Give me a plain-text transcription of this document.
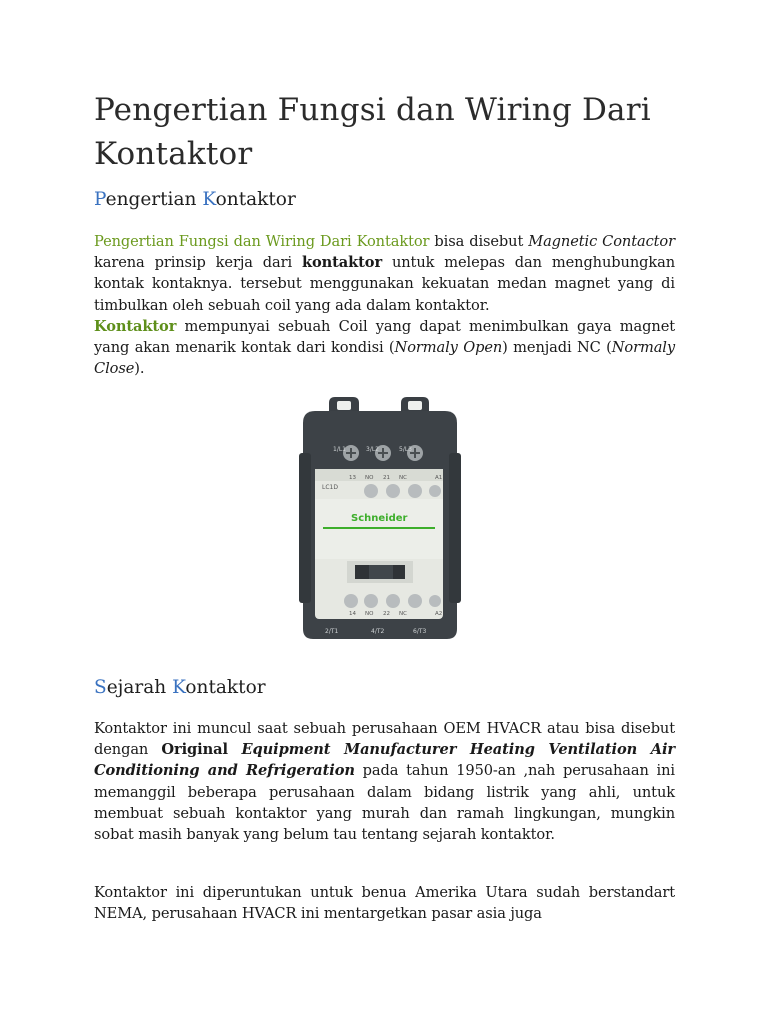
Pengertian Fungsi dan Wiring Dari Kontaktor
Pengertian Kontaktor

Pengertian Fungsi dan Wiring Dari Kontaktor bisa disebut Magnetic Contactor karena prinsip kerja dari kontaktor untuk melepas dan menghubungkan kontak kontaknya. tersebut menggunakan kekuatan medan magnet yang di timbulkan oleh sebuah coil yang ada dalam kontaktor.
Kontaktor mempunyai sebuah Coil yang dapat menimbulkan gaya magnet yang akan menarik kontak dari kondisi (Normaly Open) menjadi NC (Normaly Close).

1/L1	3/L2	5/L3
13 NO 21 NC	A1
LC1D
Schneider
14 NO 22 NC	A2
2/T1	4/T2	6/T3
Sejarah Kontaktor

Kontaktor ini muncul saat sebuah perusahaan OEM HVACR atau bisa disebut dengan Original Equipment Manufacturer Heating Ventilation Air Conditioning and Refrigeration pada tahun 1950-an ,nah perusahaan ini memanggil beberapa perusahaan dalam bidang listrik yang ahli, untuk membuat sebuah kontaktor yang murah dan ramah lingkungan, mungkin sobat masih banyak yang belum tau tentang sejarah kontaktor.

Kontaktor ini diperuntukan untuk benua Amerika Utara sudah berstandart NEMA, perusahaan HVACR ini mentargetkan pasar asia juga
